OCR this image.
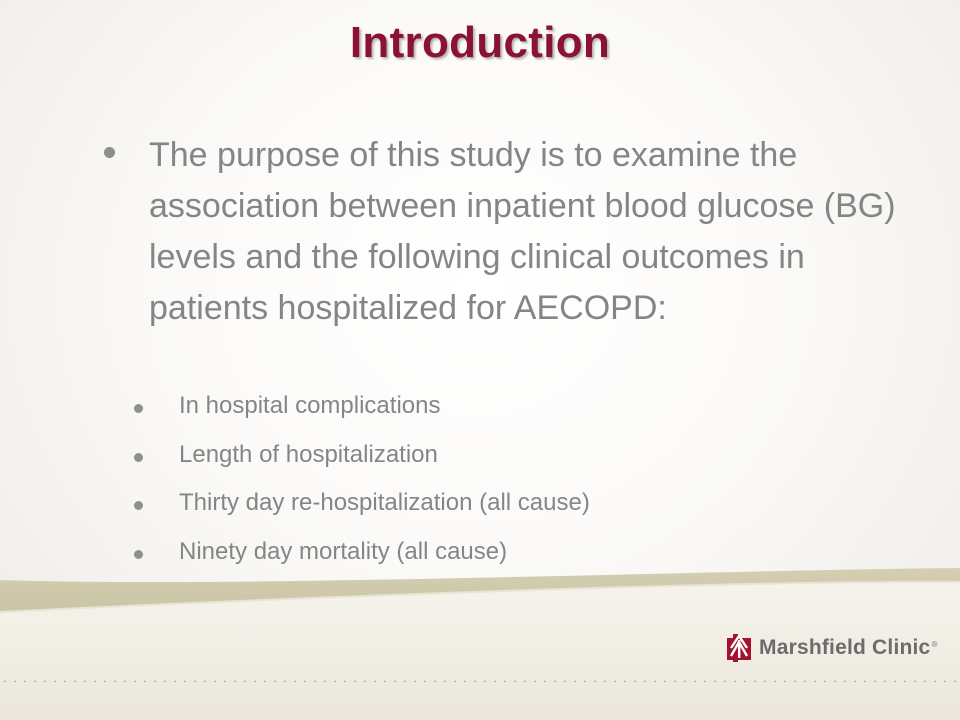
Introduction
The purpose of this study is to examine the association between inpatient blood glucose (BG) levels and the following clinical outcomes in patients hospitalized for AECOPD:
In hospital complications
Length of hospitalization
Thirty day re-hospitalization (all cause)
Ninety day mortality (all cause)
Marshfield Clinic ®
